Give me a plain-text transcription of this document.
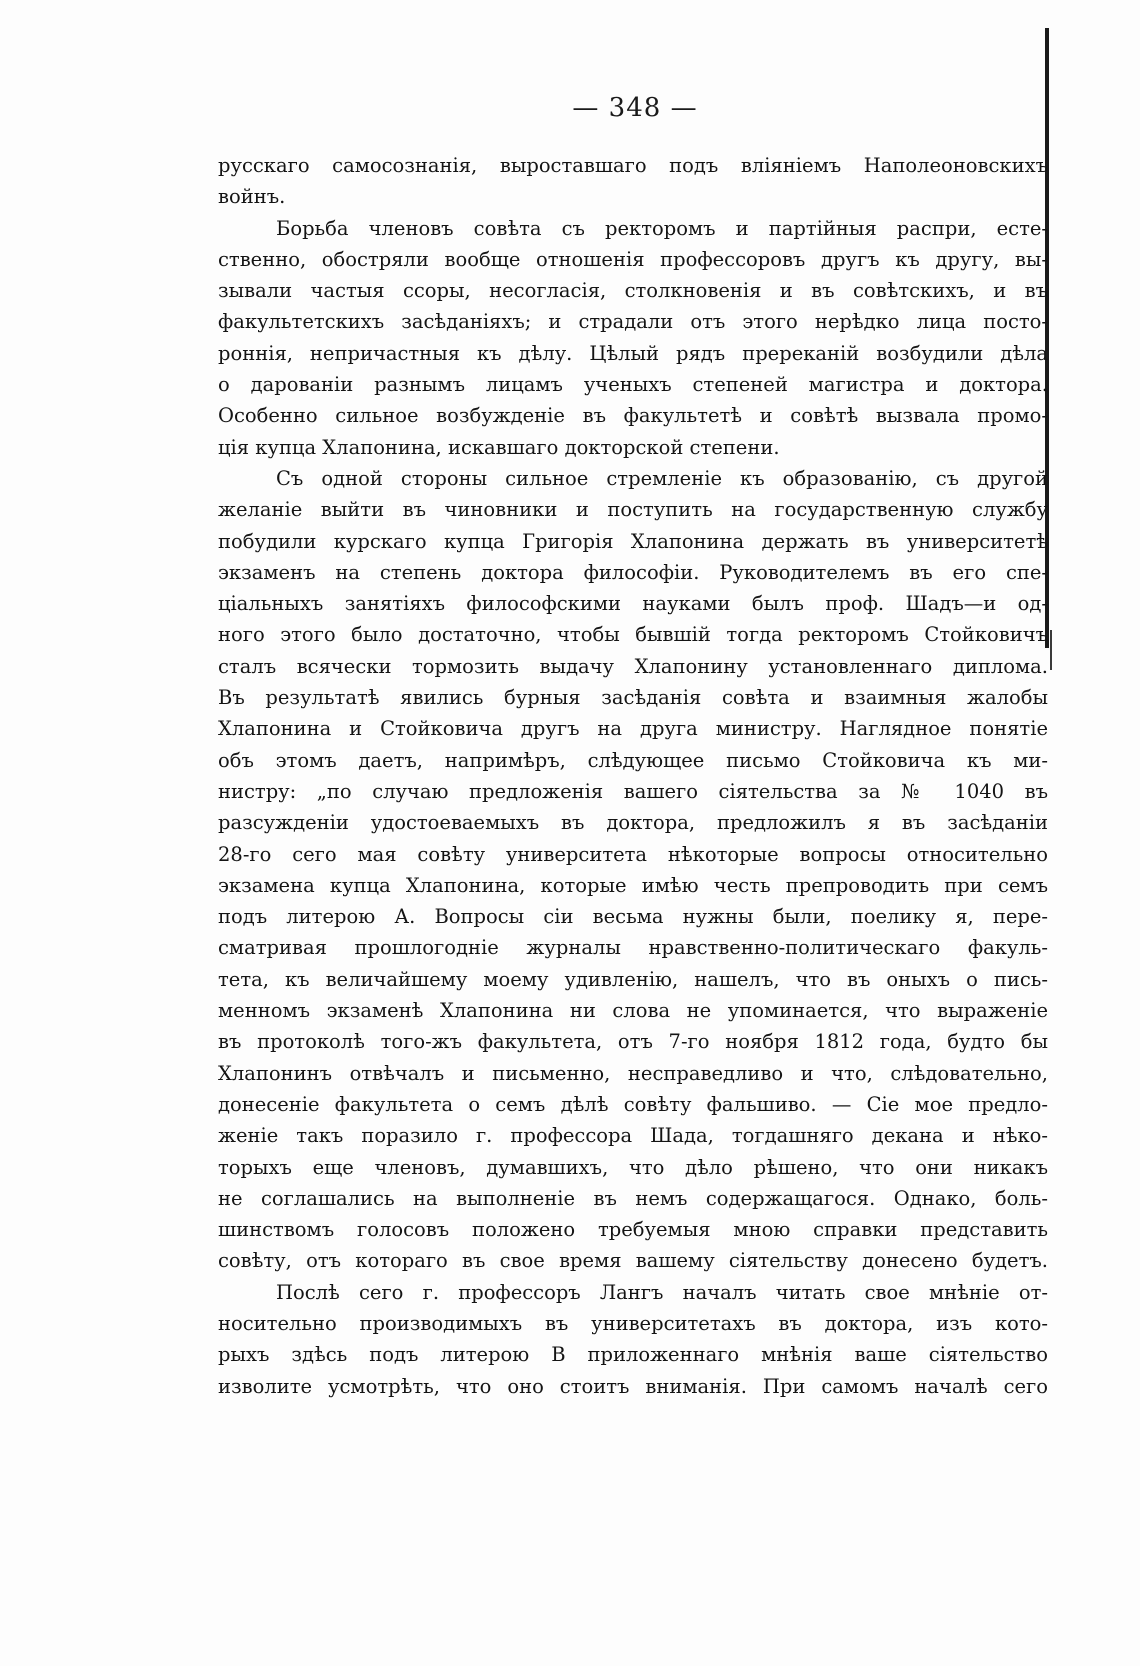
— 348 —
русскаго самосознанія, выроставшаго подъ вліяніемъ Наполеоновскихъ
войнъ.
Борьба членовъ совѣта съ ректоромъ и партійныя распри, есте-
ственно, обостряли вообще отношенія профессоровъ другъ къ другу, вы-
зывали частыя ссоры, несогласія, столкновенія и въ совѣтскихъ, и въ
факультетскихъ засѣданіяхъ; и страдали отъ этого нерѣдко лица посто-
роннія, непричастныя къ дѣлу. Цѣлый рядъ пререканій возбудили дѣла
о дарованіи разнымъ лицамъ ученыхъ степеней магистра и доктора.
Особенно сильное возбужденіе въ факультетѣ и совѣтѣ вызвала промо-
ція купца Хлапонина, искавшаго докторской степени.
Съ одной стороны сильное стремленіе къ образованію, съ другой
желаніе выйти въ чиновники и поступить на государственную службу
побудили курскаго купца Григорія Хлапонина держать въ университетѣ
экзаменъ на степень доктора философіи. Руководителемъ въ его спе-
ціальныхъ занятіяхъ философскими науками былъ проф. Шадъ—и од-
ного этого было достаточно, чтобы бывшій тогда ректоромъ Стойковичъ
сталъ всячески тормозить выдачу Хлапонину установленнаго диплома.
Въ результатѣ явились бурныя засѣданія совѣта и взаимныя жалобы
Хлапонина и Стойковича другъ на друга министру. Наглядное понятіе
объ этомъ даетъ, напримѣръ, слѣдующее письмо Стойковича къ ми-
нистру: „по случаю предложенія вашего сіятельства за № 1040 въ
разсужденіи удостоеваемыхъ въ доктора, предложилъ я въ засѣданіи
28-го сего мая совѣту университета нѣкоторые вопросы относительно
экзамена купца Хлапонина, которые имѣю честь препроводить при семъ
подъ литерою А. Вопросы сіи весьма нужны были, поелику я, пере-
сматривая прошлогодніе журналы нравственно-политическаго факуль-
тета, къ величайшему моему удивленію, нашелъ, что въ оныхъ о пись-
менномъ экзаменѣ Хлапонина ни слова не упоминается, что выраженіе
въ протоколѣ того-жъ факультета, отъ 7-го ноября 1812 года, будто бы
Хлапонинъ отвѣчалъ и письменно, несправедливо и что, слѣдовательно,
донесеніе факультета о семъ дѣлѣ совѣту фальшиво. — Сіе мое предло-
женіе такъ поразило г. профессора Шада, тогдашняго декана и нѣко-
торыхъ еще членовъ, думавшихъ, что дѣло рѣшено, что они никакъ
не соглашались на выполненіе въ немъ содержащагося. Однако, боль-
шинствомъ голосовъ положено требуемыя мною справки представить
совѣту, отъ котораго въ свое время вашему сіятельству донесено будетъ.
Послѣ сего г. профессоръ Лангъ началъ читать свое мнѣніе от-
носительно производимыхъ въ университетахъ въ доктора, изъ кото-
рыхъ здѣсь подъ литерою В приложеннаго мнѣнія ваше сіятельство
изволите усмотрѣть, что оно стоитъ вниманія. При самомъ началѣ сего
